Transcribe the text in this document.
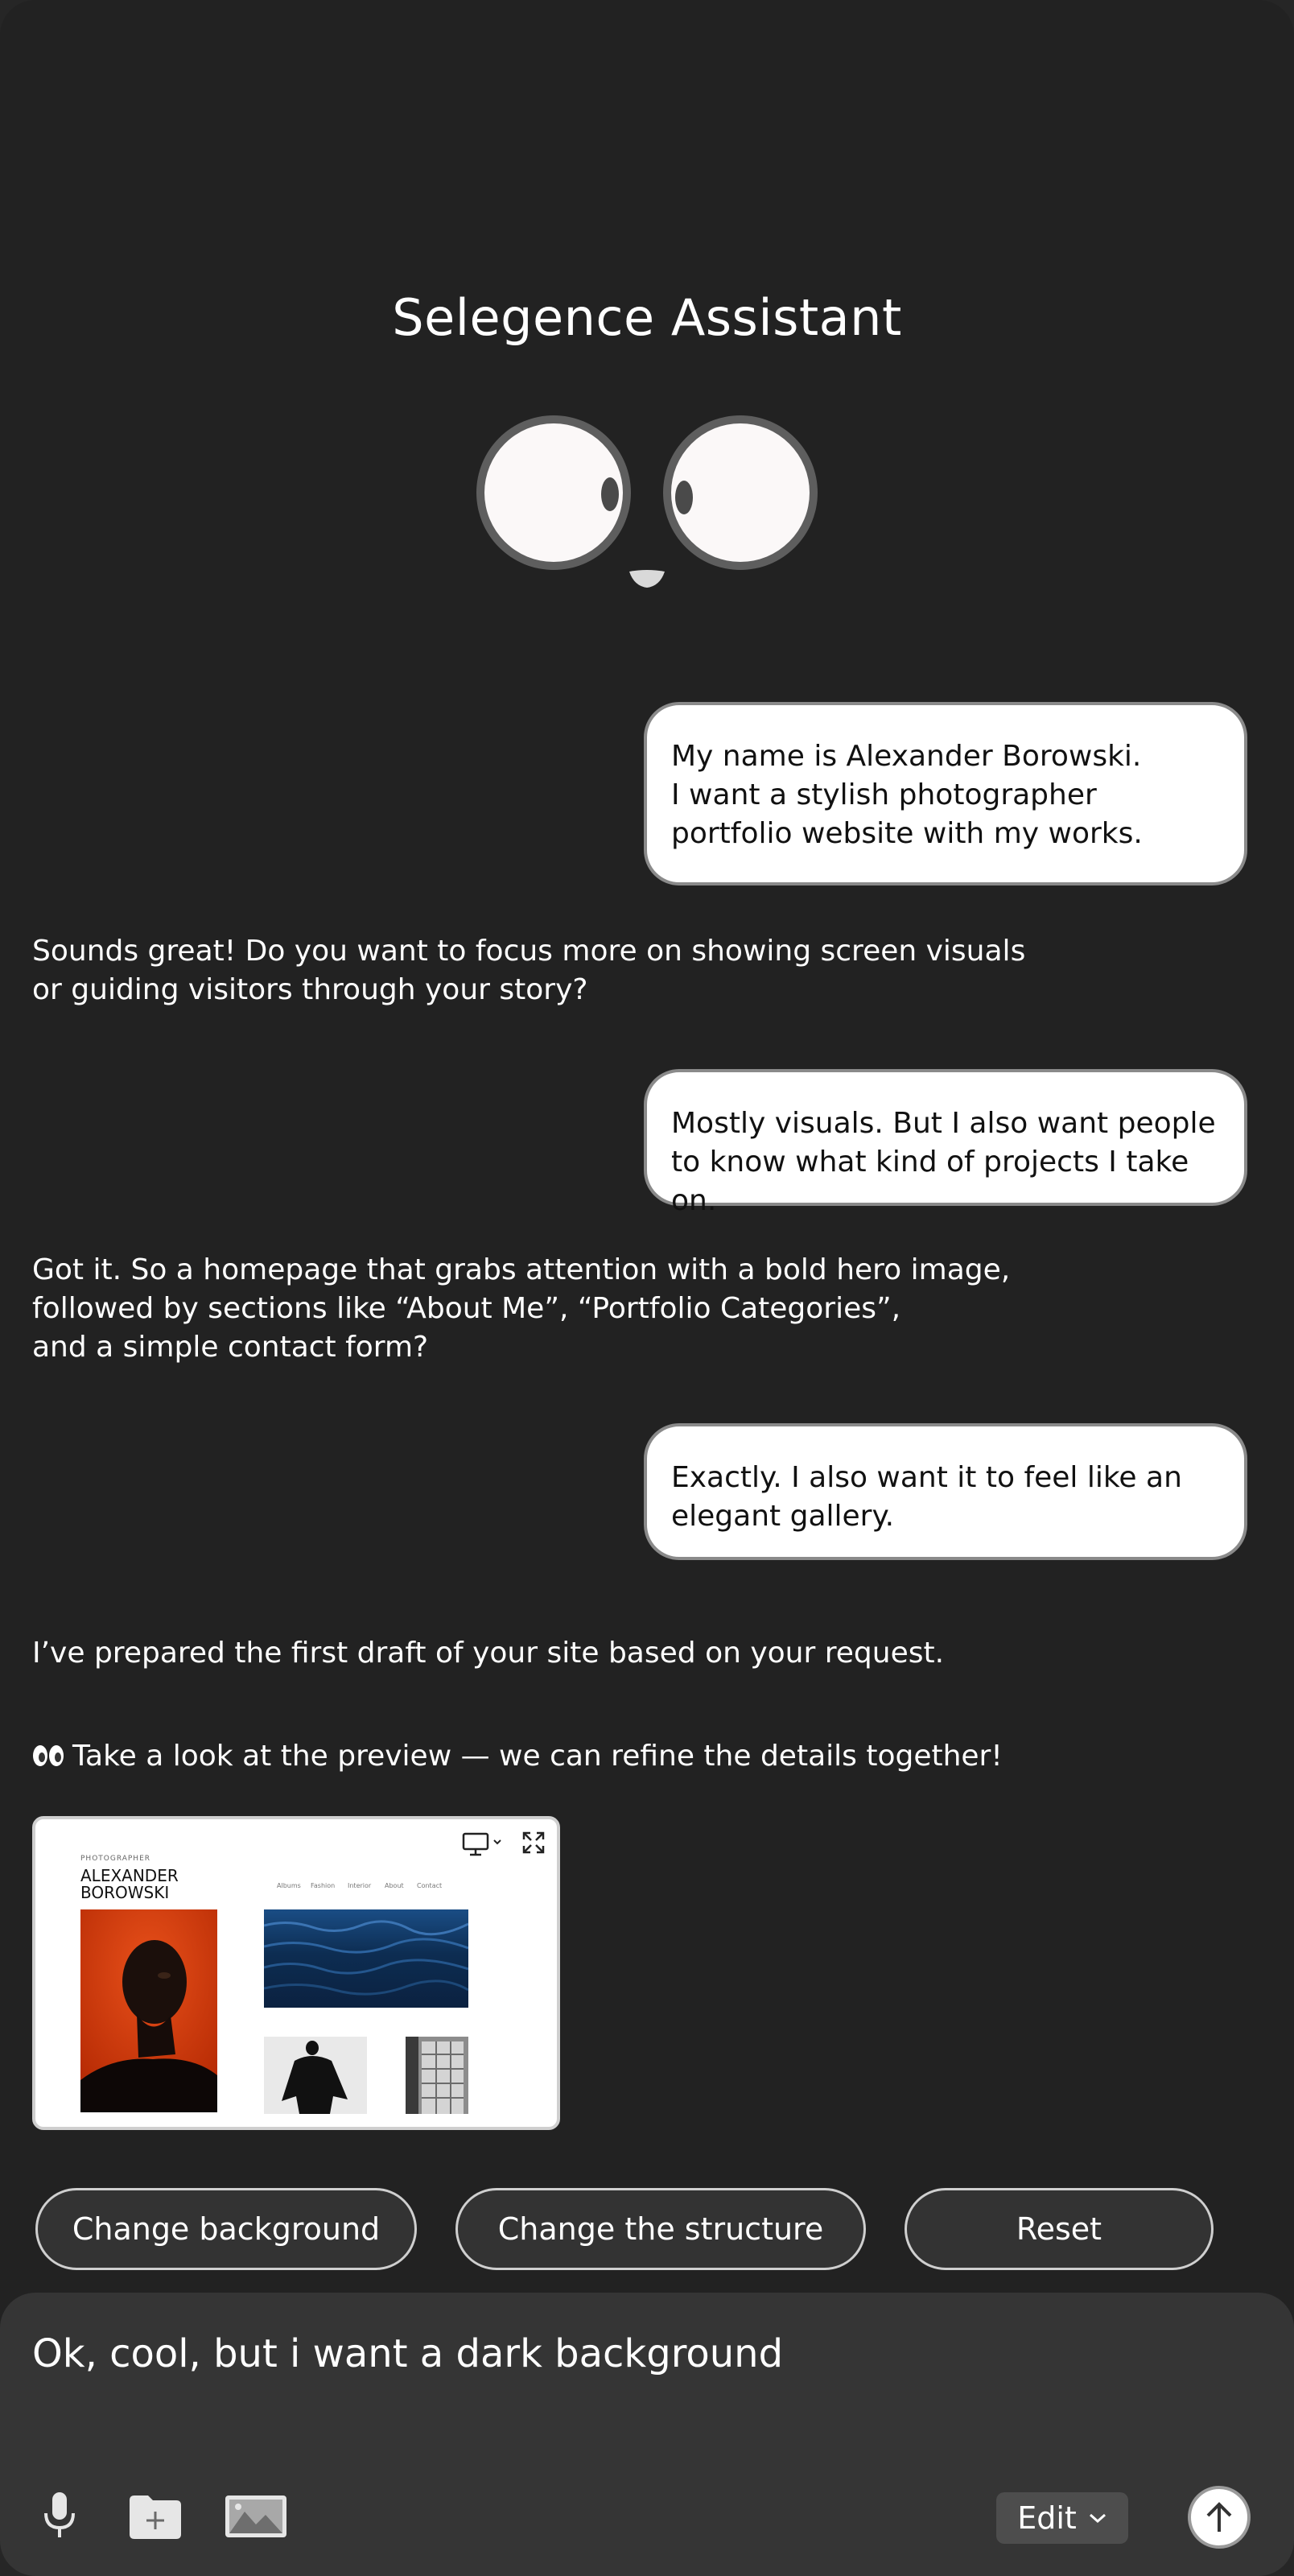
Selegence Assistant
My name is Alexander Borowski.
I want a stylish photographer portfolio website with my works.
Sounds great! Do you want to focus more on showing screen visuals
or guiding visitors through your story?
Mostly visuals. But I also want people
to know what kind of projects I take on.
Got it. So a homepage that grabs attention with a bold hero image,
followed by sections like “About Me”, “Portfolio Categories”,
and a simple contact form?
Exactly. I also want it to feel like an
elegant gallery.
I’ve prepared the first draft of your site based on your request.

Take a look at the preview — we can refine the details together!

PHOTOGRAPHER
ALEXANDER
BOROWSKI	Albums Fashion Interior About Contact
Change background	Change the structure	Reset
Ok, cool, but i want a dark background
Edit
